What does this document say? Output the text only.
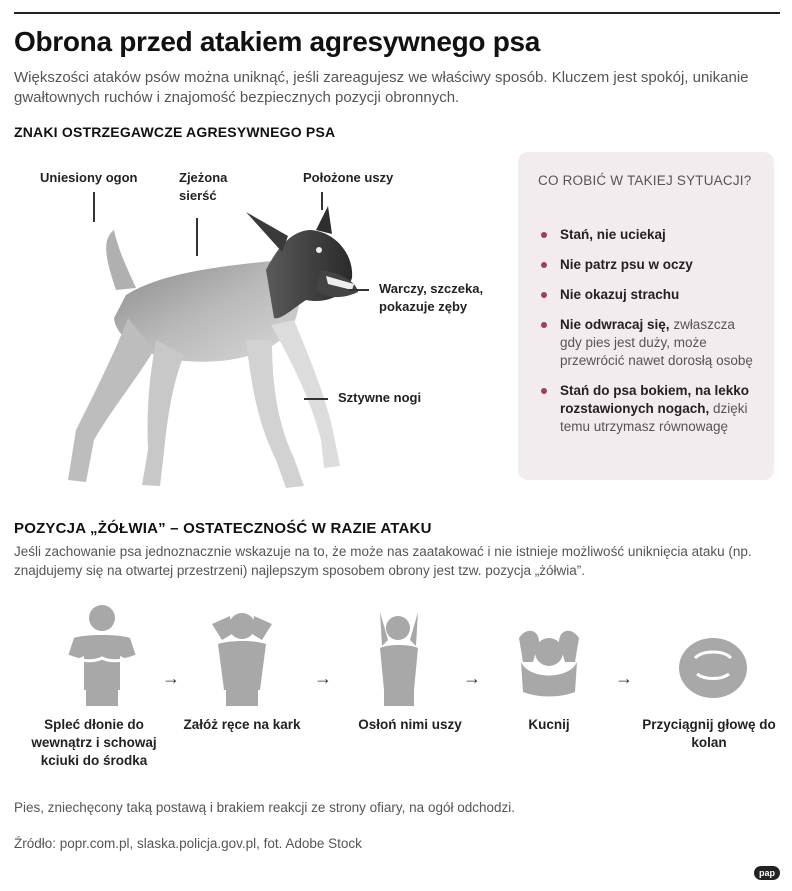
Obrona przed atakiem agresywnego psa

Większości ataków psów można uniknąć, jeśli zareagujesz we właściwy sposób. Kluczem jest spokój, unikanie gwałtownych ruchów i znajomość bezpiecznych pozycji obronnych.

ZNAKI OSTRZEGAWCZE AGRESYWNEGO PSA
Uniesiony ogon	Zjeżona sierść
Położone uszy
Warczy, szczeka, pokazuje zęby
Sztywne nogi
CO ROBIĆ W TAKIEJ SYTUACJI?
Stań, nie uciekaj
Nie patrz psu w oczy
Nie okazuj strachu
Nie odwracaj się, zwłaszcza gdy pies jest duży, może przewrócić nawet dorosłą osobę
Stań do psa bokiem, na lekko rozstawionych nogach, dzięki temu utrzymasz równowagę
POZYCJA „ŻÓŁWIA” – OSTATECZNOŚĆ W RAZIE ATAKU

Jeśli zachowanie psa jednoznacznie wskazuje na to, że może nas zaatakować i nie istnieje możliwość uniknięcia ataku (np. znajdujemy się na otwartej przestrzeni) najlepszym sposobem obrony jest tzw. pozycja „żółwia”.

Spleć dłonie do wewnątrz i schowaj kciuki do środka
→
Załóż ręce na kark
→
Osłoń nimi uszy
→
Kucnij
→
Przyciągnij głowę do kolan

Pies, zniechęcony taką postawą i brakiem reakcji ze strony ofiary, na ogół odchodzi.

Źródło: popr.com.pl, slaska.policja.gov.pl, fot. Adobe Stock

pap
